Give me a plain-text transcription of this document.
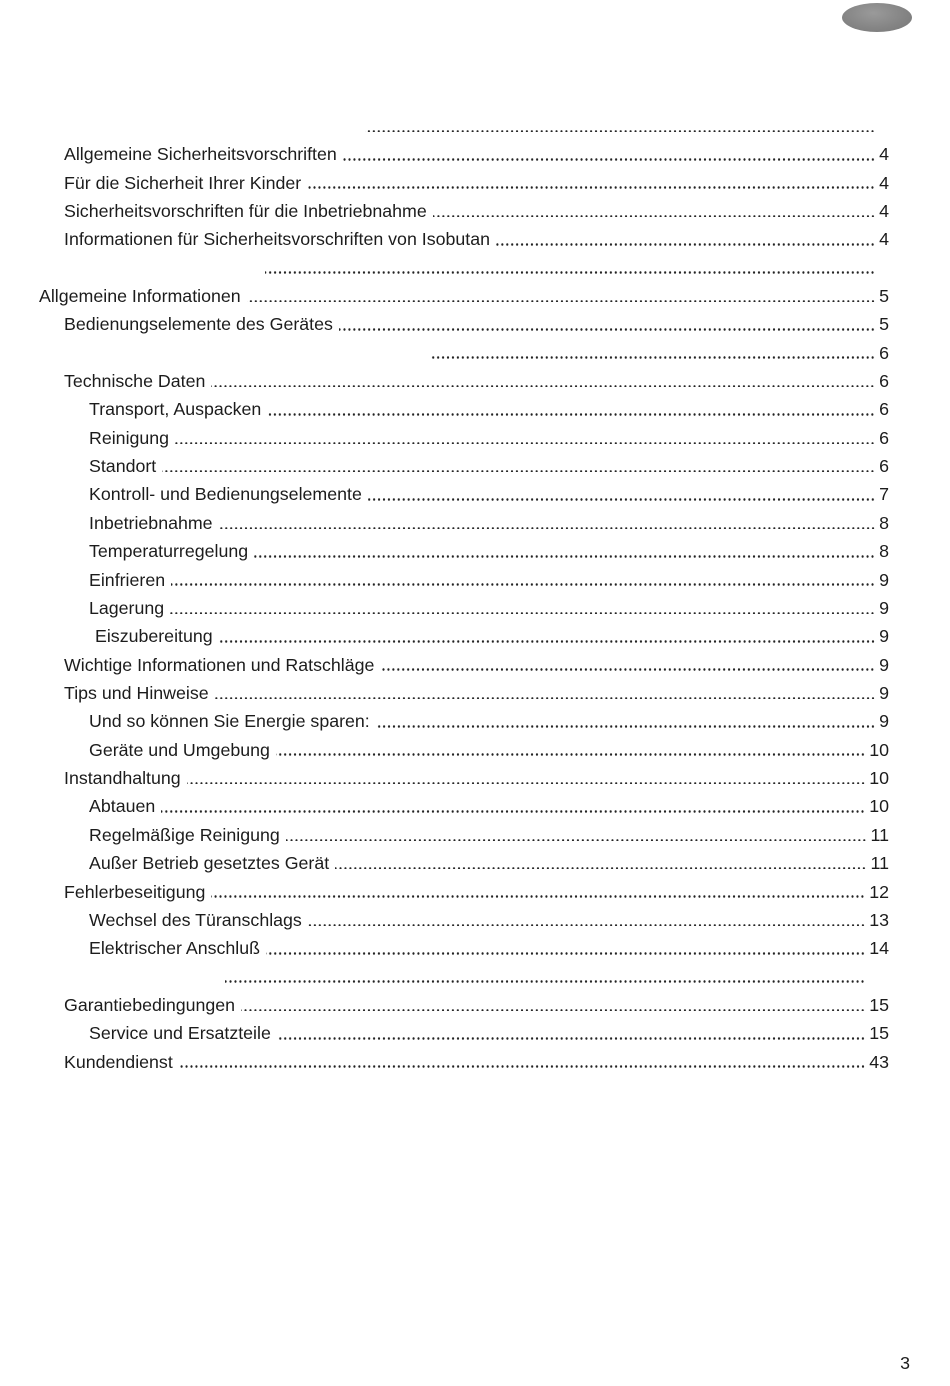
Allgemeine Sicherheitsvorschriften	4
Für die Sicherheit Ihrer Kinder	4
Sicherheitsvorschriften für die Inbetriebnahme	4
Informationen für Sicherheitsvorschriften von Isobutan	4
Allgemeine Informationen	5
Bedienungselemente des Gerätes	5
6
Technische Daten	6
Transport, Auspacken	6
Reinigung	6
Standort	6
Kontroll- und Bedienungselemente	7
Inbetriebnahme	8
Temperaturregelung	8
Einfrieren	9
Lagerung	9
Eiszubereitung	9
Wichtige Informationen und Ratschläge	9
Tips und Hinweise	9
Und so können Sie Energie sparen:	9
Geräte und Umgebung	10
Instandhaltung	10
Abtauen	10
Regelmäßige Reinigung	11
Außer Betrieb gesetztes Gerät	11
Fehlerbeseitigung	12
Wechsel des Türanschlags	13
Elektrischer Anschluß	14
Garantiebedingungen	15
Service und Ersatzteile	15
Kundendienst	43
3
